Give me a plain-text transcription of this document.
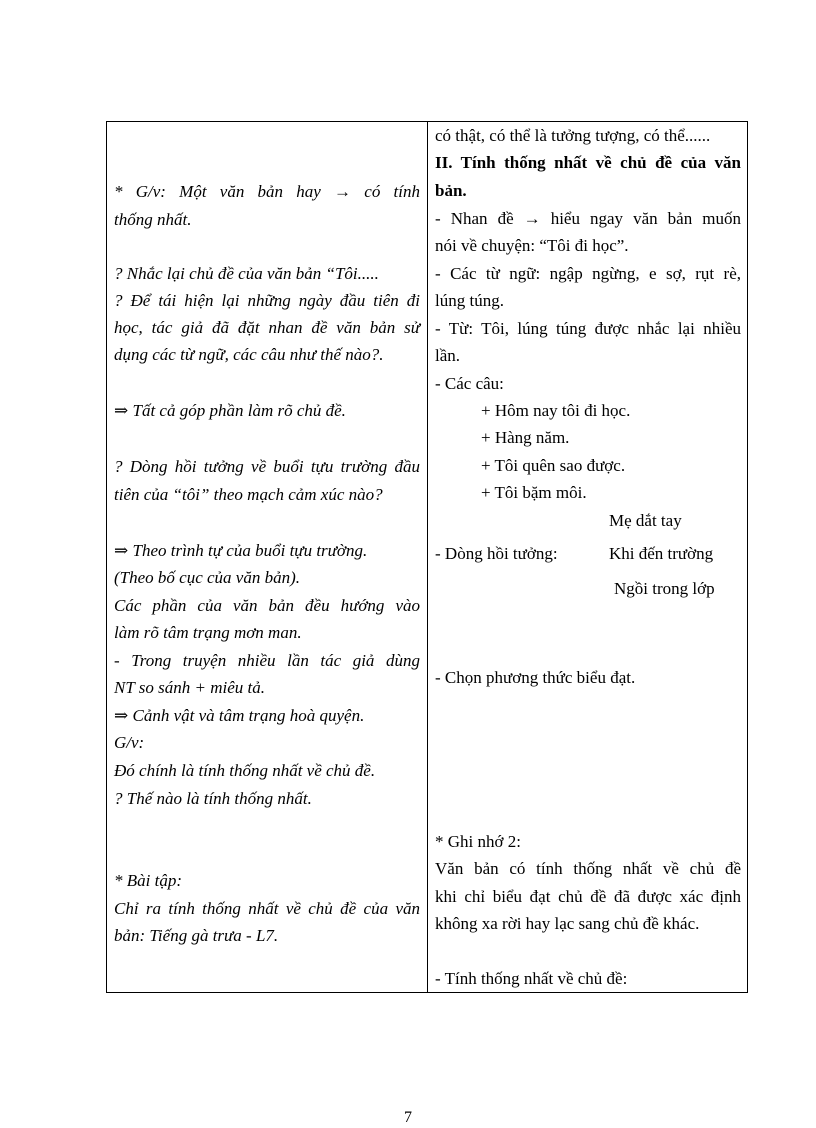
* G/v: Một văn bản hay → có tính
thống nhất.
? Nhắc lại chủ đề của văn bản “Tôi.....
? Để tái hiện lại những ngày đầu tiên đi
học, tác giả đã đặt nhan đề văn bản sử
dụng các từ ngữ, các câu như thế nào?.
⇒ Tất cả góp phần làm rõ chủ đề.
? Dòng hồi tưởng về buổi tựu trường đầu
tiên của “tôi” theo mạch cảm xúc nào?
⇒ Theo trình tự của buổi tựu trường.
(Theo bố cục của văn bản).
Các phần của văn bản đều hướng vào
làm rõ tâm trạng mơn man.
- Trong truyện nhiều lần tác giả dùng
NT so sánh + miêu tả.
⇒ Cảnh vật và tâm trạng hoà quyện.
G/v:
Đó chính là tính thống nhất về chủ đề.
? Thế nào là tính thống nhất.
* Bài tập:
Chỉ ra tính thống nhất về chủ đề của văn
bản: Tiếng gà trưa - L7.
có thật, có thể là tưởng tượng, có thể......
II. Tính thống nhất về chủ đề của văn
bản.
- Nhan đề → hiểu ngay văn bản muốn
nói về chuyện: “Tôi đi học”.
- Các từ ngữ: ngập ngừng, e sợ, rụt rè,
lúng túng.
- Từ: Tôi, lúng túng được nhắc lại nhiều
lần.
- Các câu:
+ Hôm nay tôi đi học.
+ Hàng năm.
+ Tôi quên sao được.
+ Tôi bặm môi.
Mẹ dắt tay
- Dòng hồi tưởng:	Khi đến trường
Ngồi trong lớp
- Chọn phương thức biểu đạt.
* Ghi nhớ 2:
Văn bản có tính thống nhất về chủ đề
khi chỉ biểu đạt chủ đề đã được xác định
không xa rời hay lạc sang chủ đề khác.
- Tính thống nhất về chủ đề:
7
